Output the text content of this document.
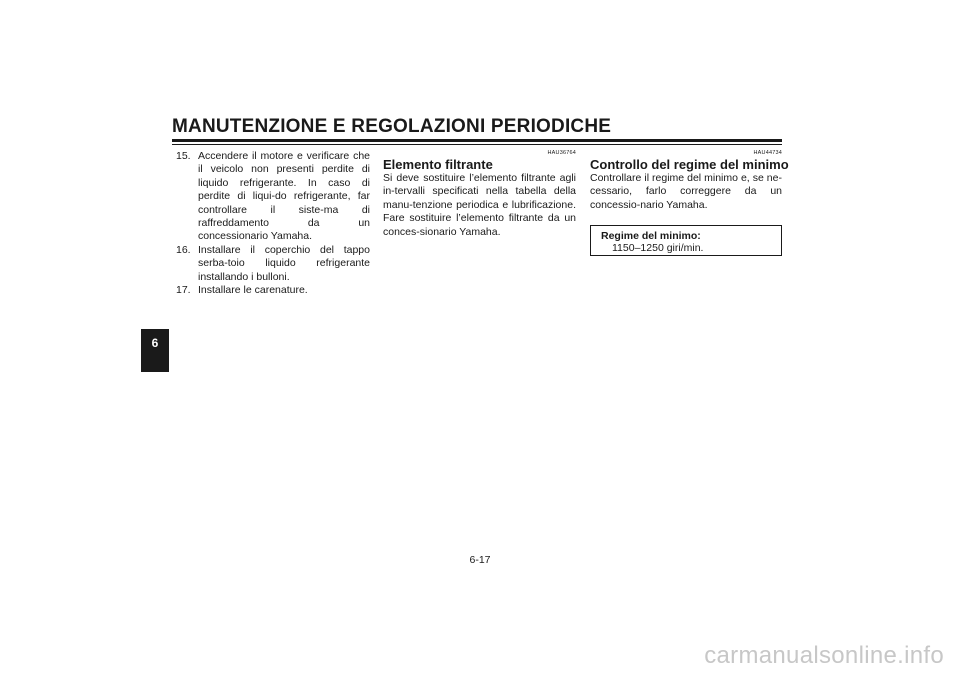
MANUTENZIONE E REGOLAZIONI PERIODICHE
6
15. Accendere il motore e verificare che il veicolo non presenti perdite di liquido refrigerante. In caso di perdite di liqui-do refrigerante, far controllare il siste-ma di raffreddamento da un concessionario Yamaha.
16. Installare il coperchio del tappo serba-toio liquido refrigerante installando i bulloni.
17. Installare le carenature.
HAU36764
Elemento filtrante

Si deve sostituire l’elemento filtrante agli in-tervalli specificati nella tabella della manu-tenzione periodica e lubrificazione. Fare sostituire l’elemento filtrante da un conces-sionario Yamaha.

HAU44734
Controllo del regime del minimo

Controllare il regime del minimo e, se ne-cessario, farlo correggere da un concessio-nario Yamaha.

Regime del minimo:
1150–1250 giri/min.
6-17
carmanualsonline.info
